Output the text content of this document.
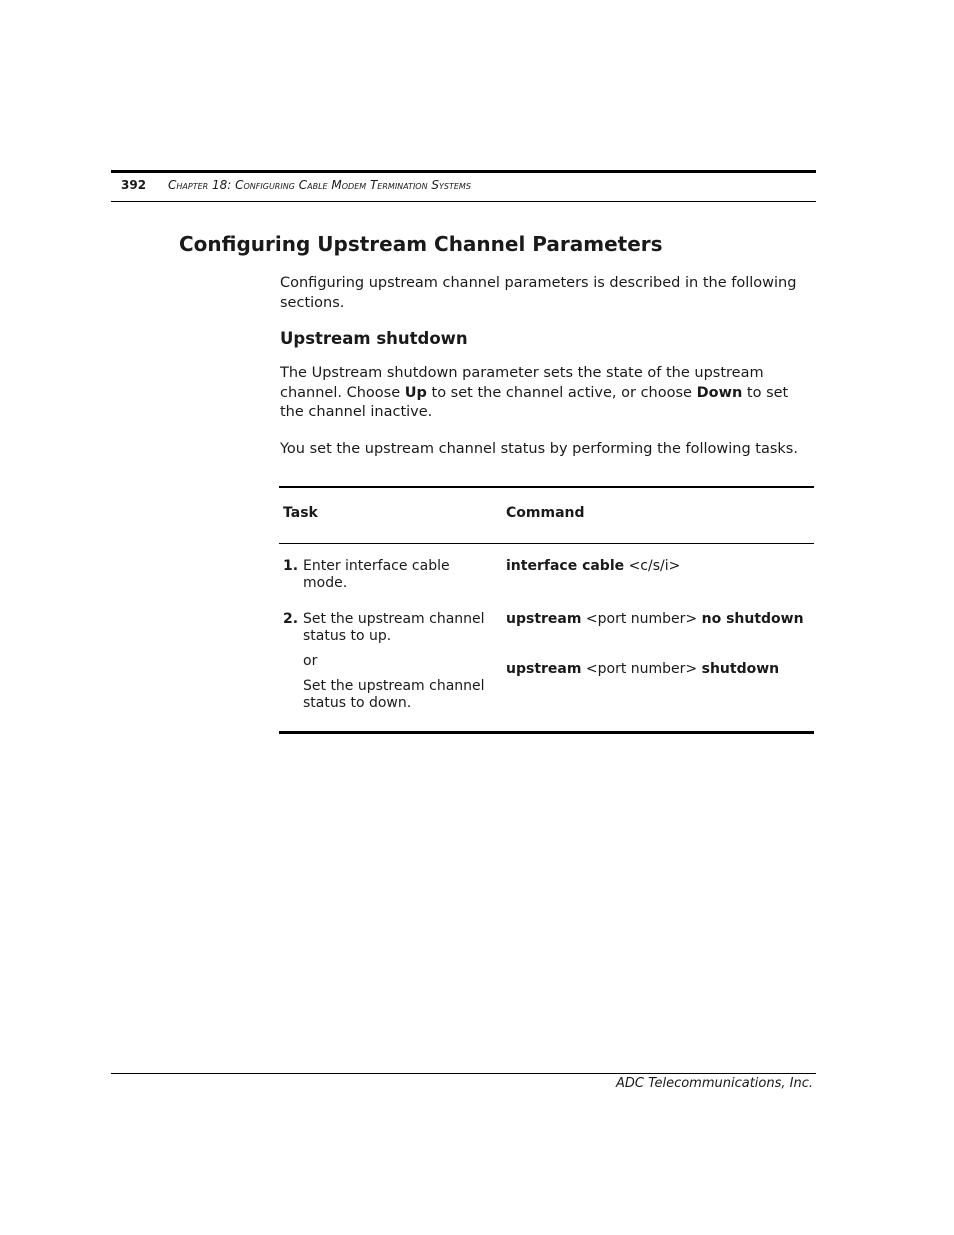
392 Chapter 18: Configuring Cable Modem Termination Systems
Configuring Upstream Channel Parameters

Configuring upstream channel parameters is described in the following sections.

Upstream shutdown

The Upstream shutdown parameter sets the state of the upstream channel. Choose Up to set the channel active, or choose Down to set the channel inactive.

You set the upstream channel status by performing the following tasks.

Task	Command
1. Enter interface cable mode.
interface cable <c/s/i>
2. Set the upstream channel status to up.
or
Set the upstream channel status to down.
upstream <port number> no shutdown
upstream <port number> shutdown
ADC Telecommunications, Inc.
